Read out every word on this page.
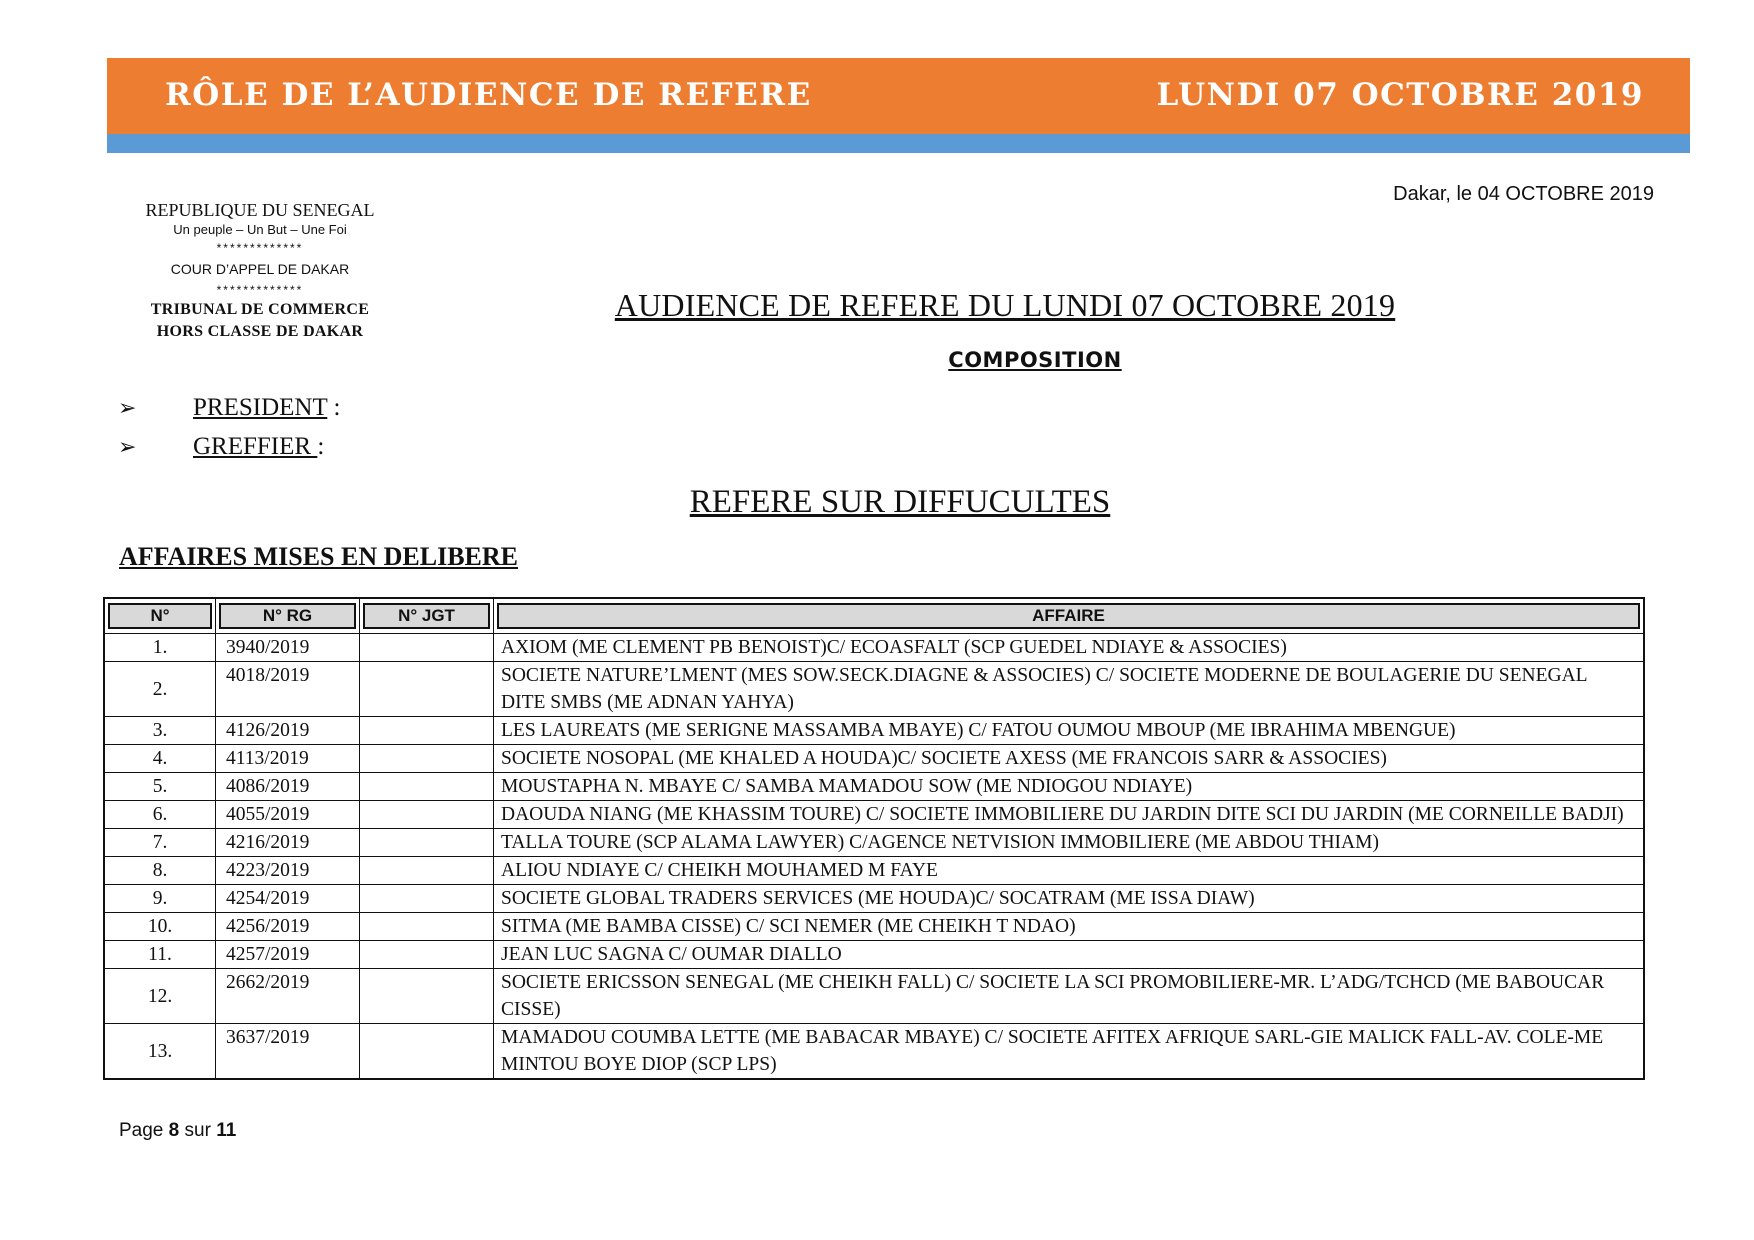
RÔLE DE L’AUDIENCE DE REFERE	LUNDI 07 OCTOBRE 2019
Dakar, le 04 OCTOBRE 2019
REPUBLIQUE DU SENEGAL
Un peuple – Un But – Une Foi
*************
COUR D’APPEL DE DAKAR
*************
TRIBUNAL DE COMMERCE
HORS CLASSE DE DAKAR
AUDIENCE DE REFERE DU LUNDI 07 OCTOBRE 2019
COMPOSITION
➢ PRESIDENT :
➢ GREFFIER :
REFERE SUR DIFFUCULTES
AFFAIRES MISES EN DELIBERE
N°	N° RG	N° JGT	AFFAIRE

1.	3940/2019		AXIOM (ME CLEMENT PB BENOIST)C/ ECOASFALT (SCP GUEDEL NDIAYE & ASSOCIES)
2.	4018/2019		SOCIETE NATURE’LMENT (MES SOW.SECK.DIAGNE & ASSOCIES) C/ SOCIETE MODERNE DE BOULAGERIE DU SENEGAL DITE SMBS (ME ADNAN YAHYA)
3.	4126/2019		LES LAUREATS (ME SERIGNE MASSAMBA MBAYE) C/ FATOU OUMOU MBOUP (ME IBRAHIMA MBENGUE)
4.	4113/2019		SOCIETE NOSOPAL (ME KHALED A HOUDA)C/ SOCIETE AXESS (ME FRANCOIS SARR & ASSOCIES)
5.	4086/2019		MOUSTAPHA N. MBAYE C/ SAMBA MAMADOU SOW (ME NDIOGOU NDIAYE)
6.	4055/2019		DAOUDA NIANG (ME KHASSIM TOURE) C/ SOCIETE IMMOBILIERE DU JARDIN DITE SCI DU JARDIN (ME CORNEILLE BADJI)
7.	4216/2019		TALLA TOURE (SCP ALAMA LAWYER) C/AGENCE NETVISION IMMOBILIERE (ME ABDOU THIAM)
8.	4223/2019		ALIOU NDIAYE C/ CHEIKH MOUHAMED M FAYE
9.	4254/2019		SOCIETE GLOBAL TRADERS SERVICES (ME HOUDA)C/ SOCATRAM (ME ISSA DIAW)
10.	4256/2019		SITMA (ME BAMBA CISSE) C/ SCI NEMER (ME CHEIKH T NDAO)
11.	4257/2019		JEAN LUC SAGNA C/ OUMAR DIALLO
12.	2662/2019		SOCIETE ERICSSON SENEGAL (ME CHEIKH FALL) C/ SOCIETE LA SCI PROMOBILIERE-MR. L’ADG/TCHCD (ME BABOUCAR CISSE)
13.	3637/2019		MAMADOU COUMBA LETTE (ME BABACAR MBAYE) C/ SOCIETE AFITEX AFRIQUE SARL-GIE MALICK FALL-AV. COLE-ME MINTOU BOYE DIOP (SCP LPS)
Page 8 sur 11
